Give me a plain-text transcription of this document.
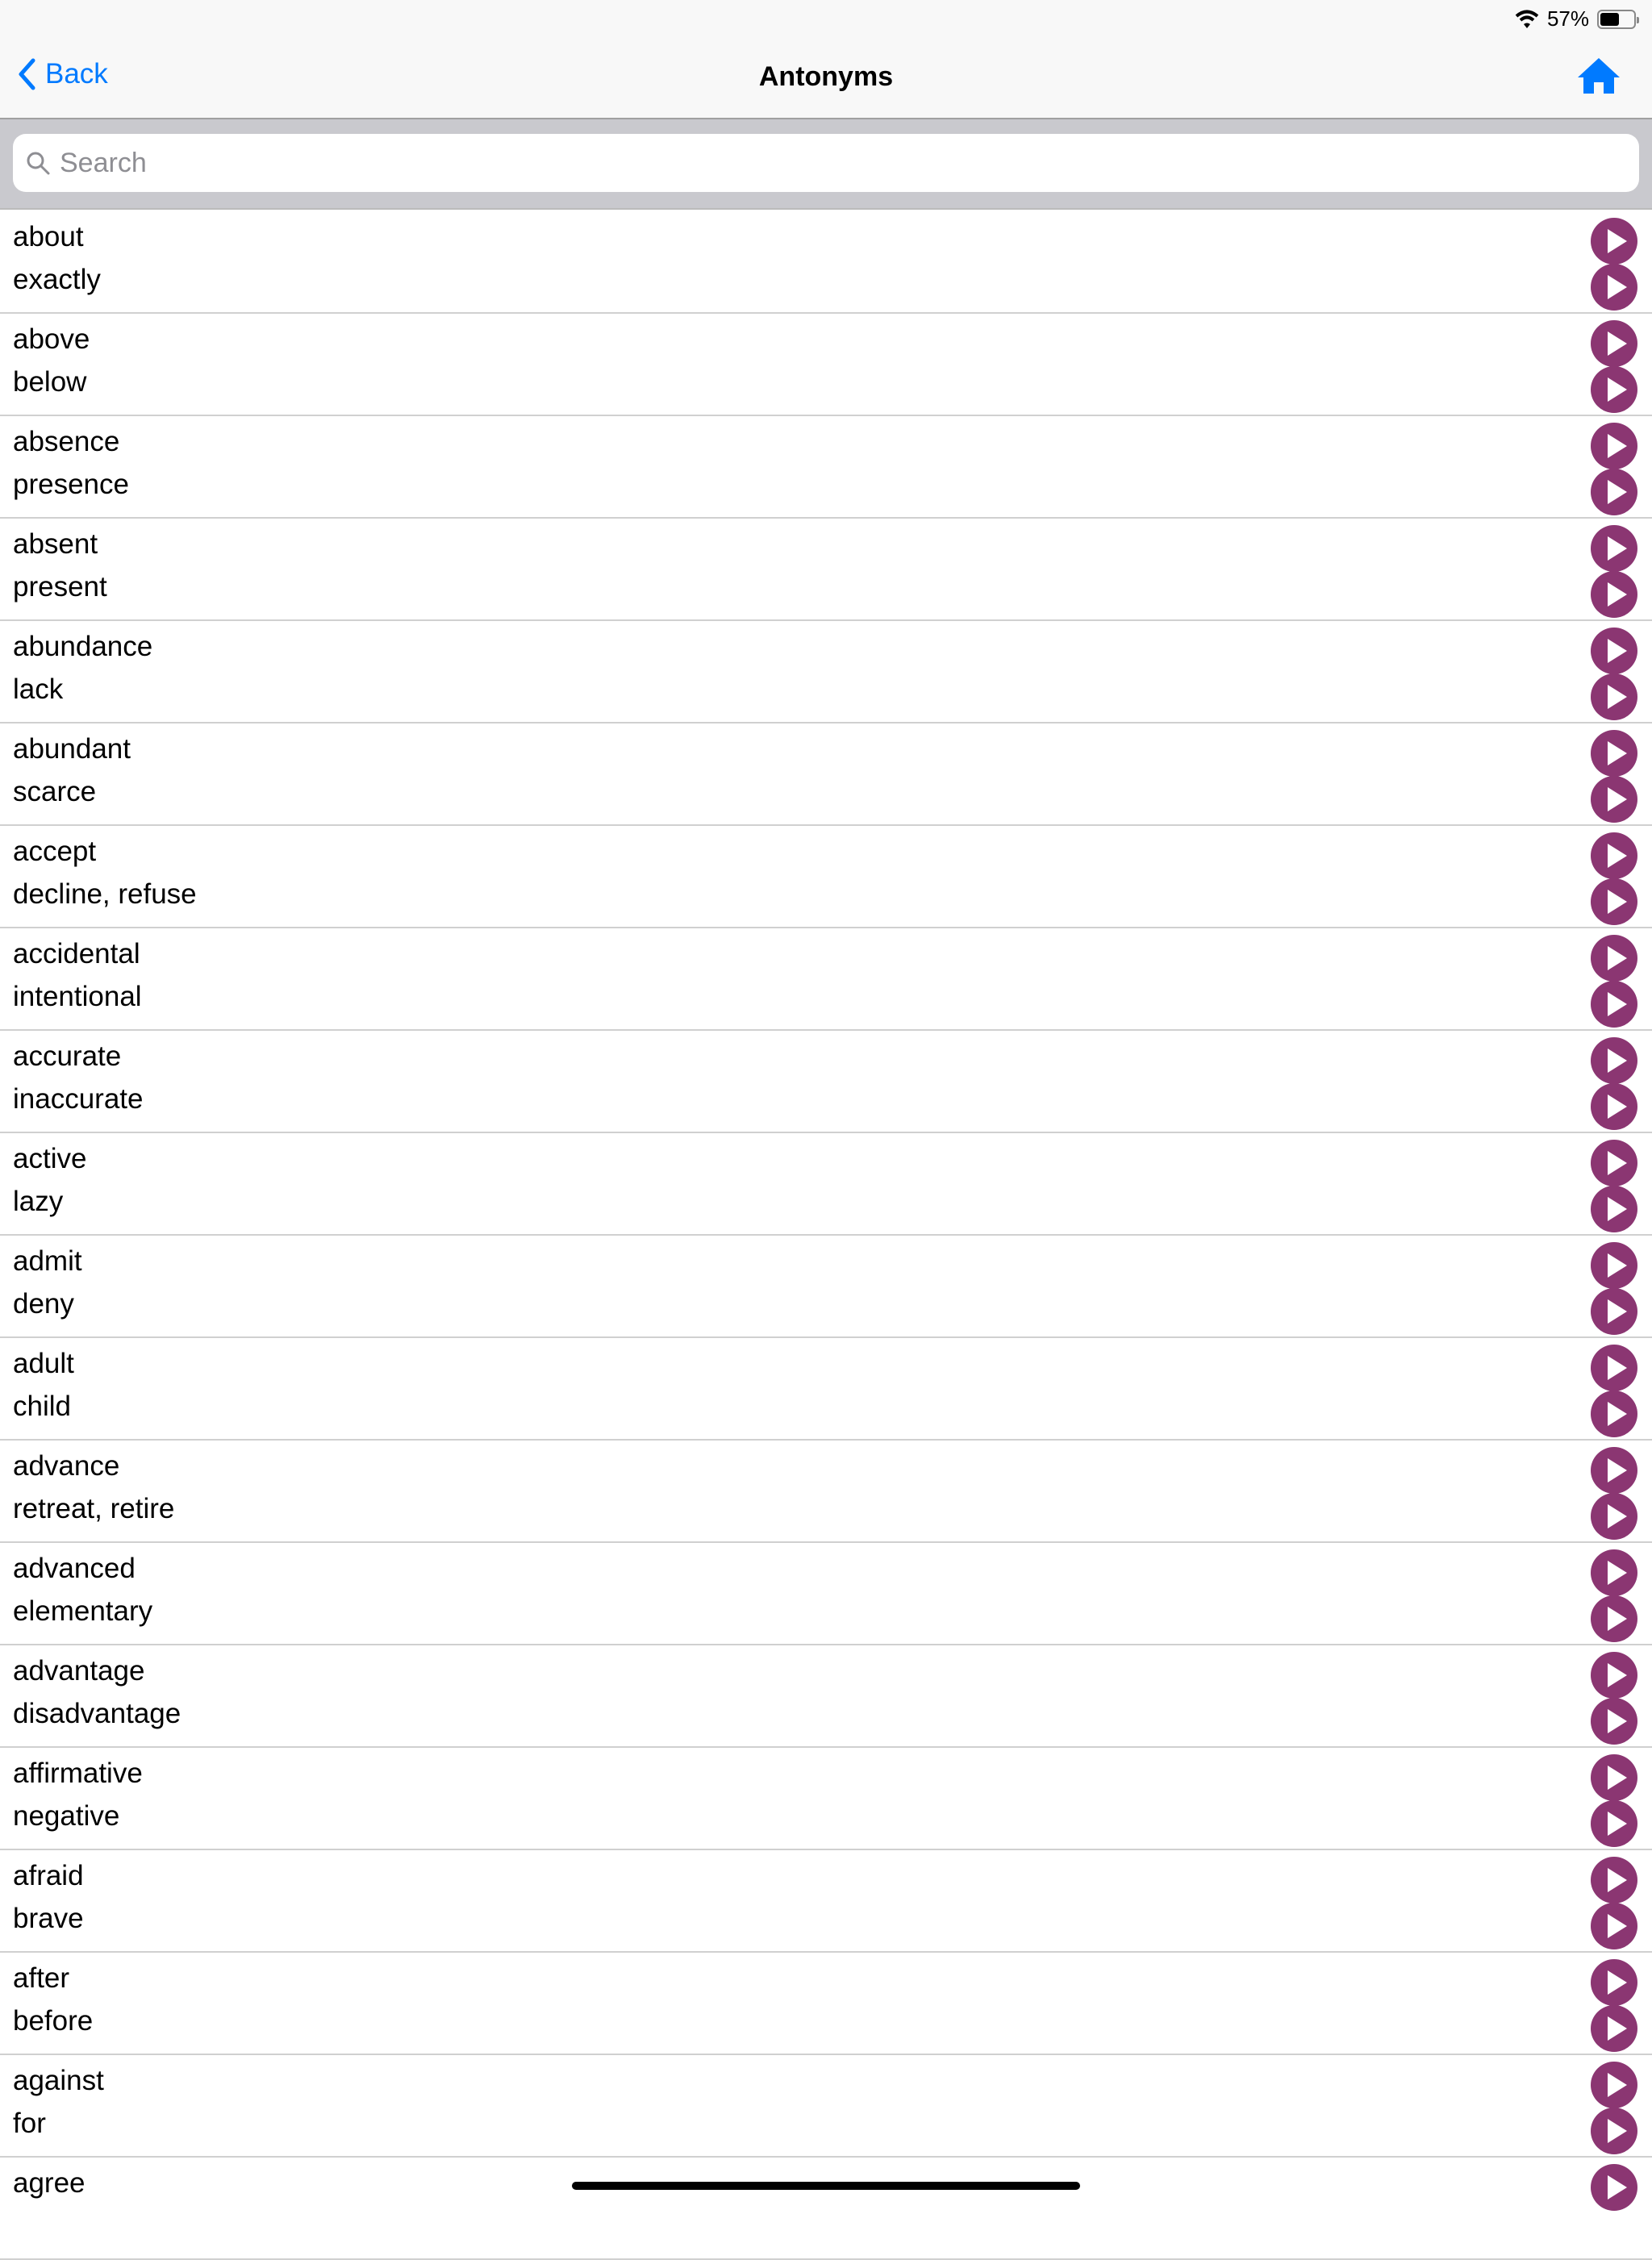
57%
Back	Antonyms
Search
about
exactly
above
below
absence
presence
absent
present
abundance
lack
abundant
scarce
accept
decline, refuse
accidental
intentional
accurate
inaccurate
active
lazy
admit
deny
adult
child
advance
retreat, retire
advanced
elementary
advantage
disadvantage
affirmative
negative
afraid
brave
after
before
against
for
agree
